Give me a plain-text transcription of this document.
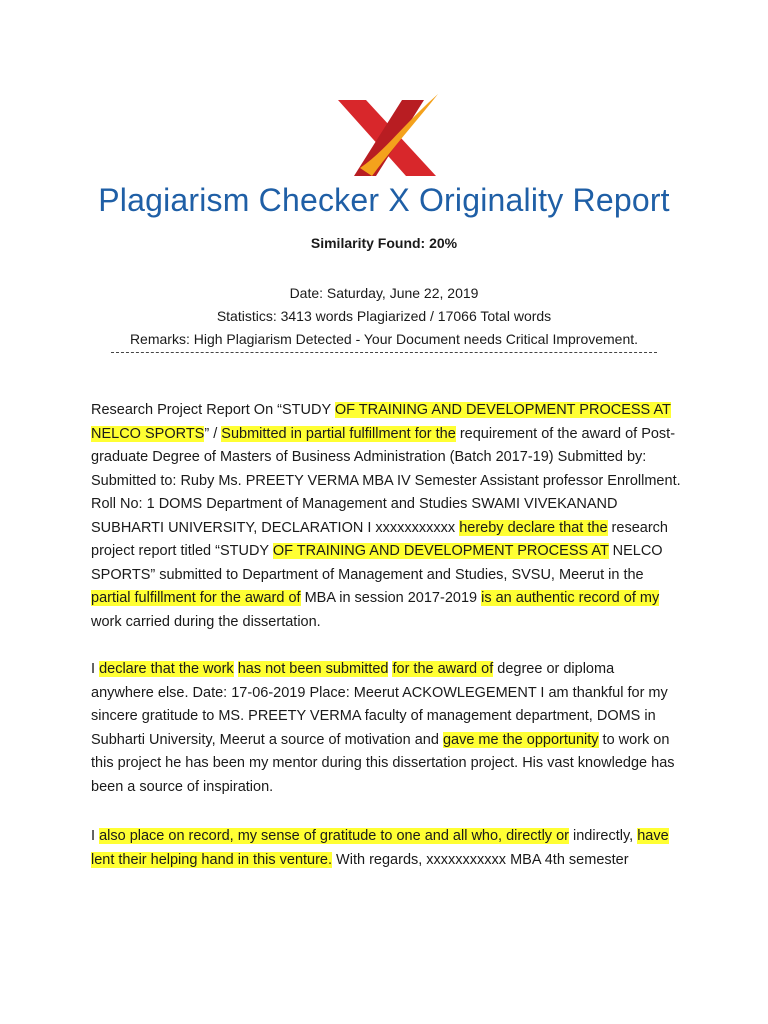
Plagiarism Checker X Originality Report
Similarity Found: 20%
Date: Saturday, June 22, 2019
Statistics: 3413 words Plagiarized / 17066 Total words
Remarks: High Plagiarism Detected - Your Document needs Critical Improvement.
Research Project Report On “STUDY OF TRAINING AND DEVELOPMENT PROCESS AT NELCO SPORTS” / Submitted in partial fulfillment for the requirement of the award of Post-graduate Degree of Masters of Business Administration (Batch 2017-19) Submitted by: Submitted to: Ruby Ms. PREETY VERMA MBA IV Semester Assistant professor Enrollment. Roll No: 1 DOMS Department of Management and Studies SWAMI VIVEKANAND SUBHARTI UNIVERSITY, DECLARATION I xxxxxxxxxxx hereby declare that the research project report titled “STUDY OF TRAINING AND DEVELOPMENT PROCESS AT NELCO SPORTS” submitted to Department of Management and Studies, SVSU, Meerut in the partial fulfillment for the award of MBA in session 2017-2019 is an authentic record of my work carried during the dissertation.
I declare that the work has not been submitted for the award of degree or diploma anywhere else. Date: 17-06-2019 Place: Meerut ACKOWLEGEMENT I am thankful for my sincere gratitude to MS. PREETY VERMA faculty of management department, DOMS in Subharti University, Meerut a source of motivation and gave me the opportunity to work on this project he has been my mentor during this dissertation project. His vast knowledge has been a source of inspiration.
I also place on record, my sense of gratitude to one and all who, directly or indirectly, have lent their helping hand in this venture. With regards, xxxxxxxxxxx MBA 4th semester
